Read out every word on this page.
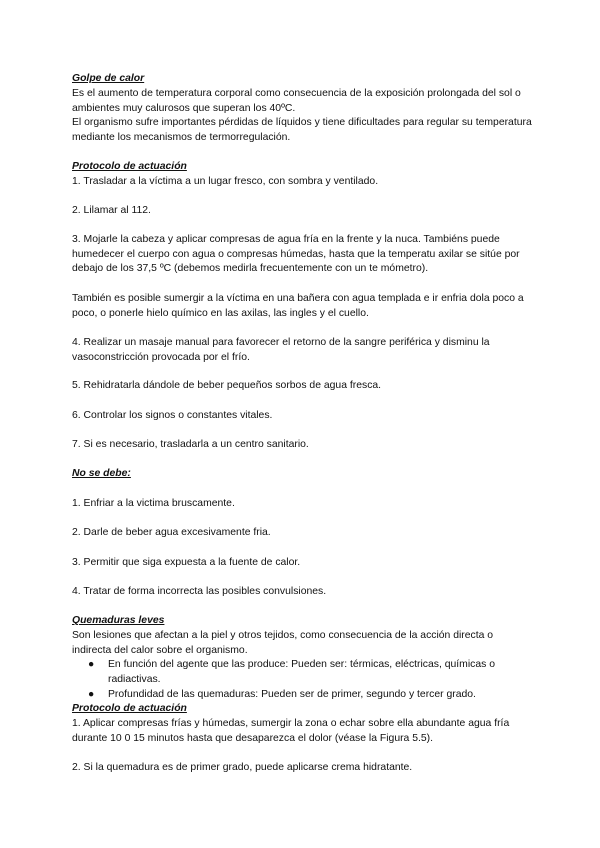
Golpe de calor

Es el aumento de temperatura corporal como consecuencia de la exposición prolongada del sol o ambientes muy calurosos que superan los 40ºC.

El organismo sufre importantes pérdidas de líquidos y tiene dificultades para regular su temperatura mediante los mecanismos de termorregulación.

Protocolo de actuación

1. Trasladar a la víctima a un lugar fresco, con sombra y ventilado.

2. Lilamar al 112.

3. Mojarle la cabeza y aplicar compresas de agua fría en la frente y la nuca. Tambiéns puede humedecer el cuerpo con agua o compresas húmedas, hasta que la temperatu axilar se sitúe por debajo de los 37,5 ºC (debemos medirla frecuentemente con un te mómetro).

También es posible sumergir a la víctima en una bañera con agua templada e ir enfria dola poco a poco, o ponerle hielo químico en las axilas, las ingles y el cuello.

4. Realizar un masaje manual para favorecer el retorno de la sangre periférica y disminu la vasoconstricción provocada por el frío.

5. Rehidratarla dándole de beber pequeños sorbos de agua fresca.

6. Controlar los signos o constantes vitales.

7. Si es necesario, trasladarla a un centro sanitario.

No se debe:

1. Enfriar a la victima bruscamente.

2. Darle de beber agua excesivamente fria.

3. Permitir que siga expuesta a la fuente de calor.

4. Tratar de forma incorrecta las posibles convulsiones.

Quemaduras leves

Son lesiones que afectan a la piel y otros tejidos, como consecuencia de la acción directa o indirecta del calor sobre el organismo.

● En función del agente que las produce: Pueden ser: térmicas, eléctricas, químicas o radiactivas.
● Profundidad de las quemaduras: Pueden ser de primer, segundo y tercer grado.

Protocolo de actuación

1. Aplicar compresas frías y húmedas, sumergir la zona o echar sobre ella abundante agua fría durante 10 0 15 minutos hasta que desaparezca el dolor (véase la Figura 5.5).

2. Si la quemadura es de primer grado, puede aplicarse crema hidratante.
